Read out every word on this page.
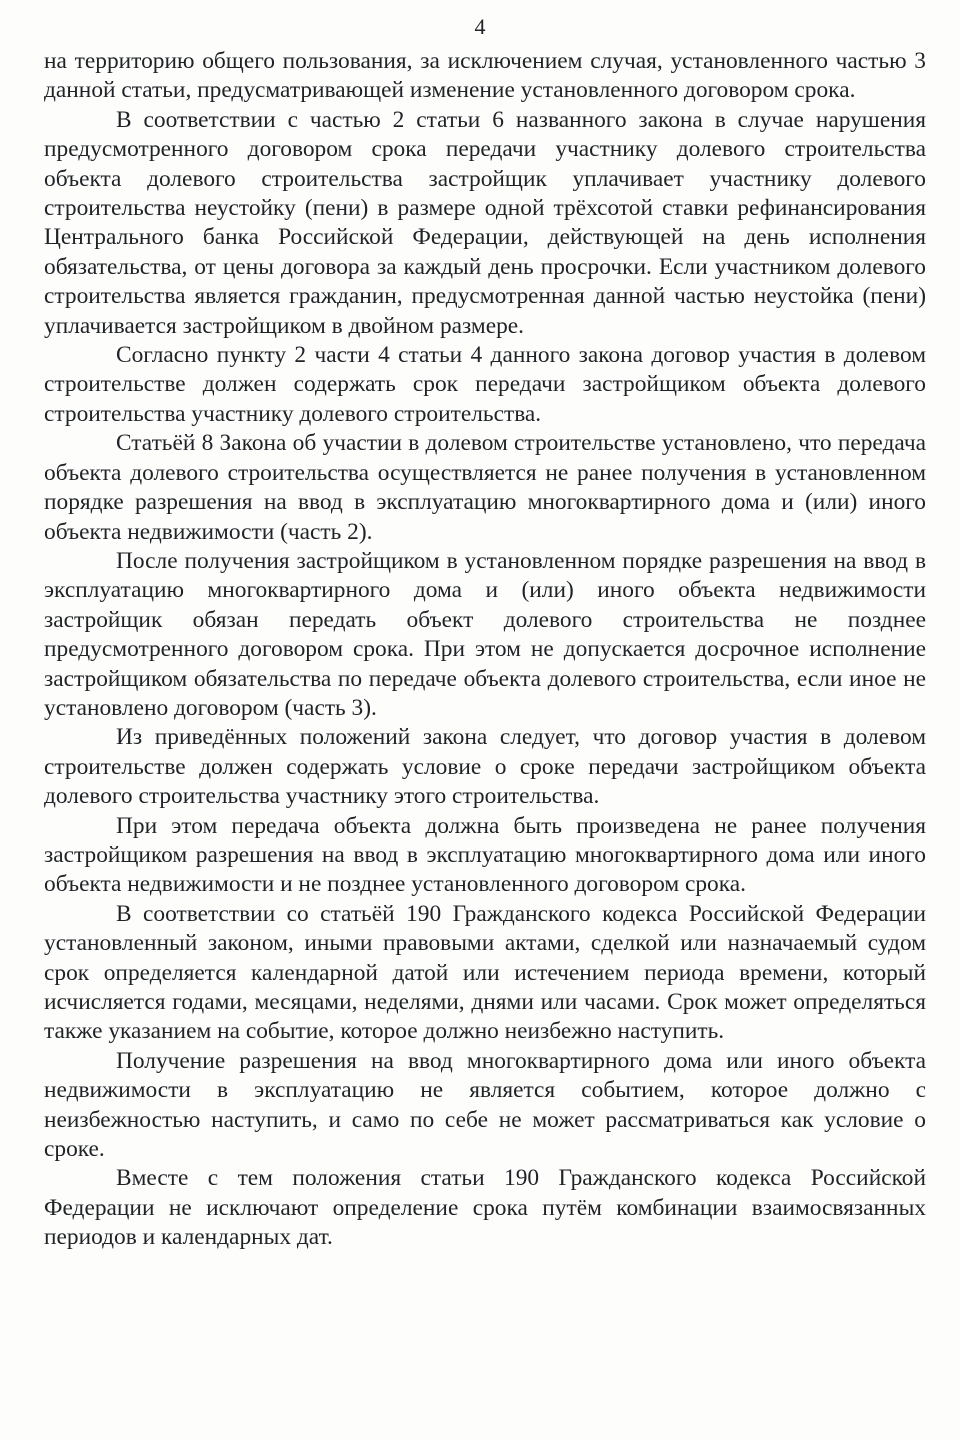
4

на территорию общего пользования, за исключением случая, установленного частью 3 данной статьи, предусматривающей изменение установленного договором срока.

В соответствии с частью 2 статьи 6 названного закона в случае нарушения предусмотренного договором срока передачи участнику долевого строительства объекта долевого строительства застройщик уплачивает участнику долевого строительства неустойку (пени) в размере одной трёхсотой ставки рефинансирования Центрального банка Российской Федерации, действующей на день исполнения обязательства, от цены договора за каждый день просрочки. Если участником долевого строительства является гражданин, предусмотренная данной частью неустойка (пени) уплачивается застройщиком в двойном размере.

Согласно пункту 2 части 4 статьи 4 данного закона договор участия в долевом строительстве должен содержать срок передачи застройщиком объекта долевого строительства участнику долевого строительства.

Статьёй 8 Закона об участии в долевом строительстве установлено, что передача объекта долевого строительства осуществляется не ранее получения в установленном порядке разрешения на ввод в эксплуатацию многоквартирного дома и (или) иного объекта недвижимости (часть 2).

После получения застройщиком в установленном порядке разрешения на ввод в эксплуатацию многоквартирного дома и (или) иного объекта недвижимости застройщик обязан передать объект долевого строительства не позднее предусмотренного договором срока. При этом не допускается досрочное исполнение застройщиком обязательства по передаче объекта долевого строительства, если иное не установлено договором (часть 3).

Из приведённых положений закона следует, что договор участия в долевом строительстве должен содержать условие о сроке передачи застройщиком объекта долевого строительства участнику этого строительства.

При этом передача объекта должна быть произведена не ранее получения застройщиком разрешения на ввод в эксплуатацию многоквартирного дома или иного объекта недвижимости и не позднее установленного договором срока.

В соответствии со статьёй 190 Гражданского кодекса Российской Федерации установленный законом, иными правовыми актами, сделкой или назначаемый судом срок определяется календарной датой или истечением периода времени, который исчисляется годами, месяцами, неделями, днями или часами. Срок может определяться также указанием на событие, которое должно неизбежно наступить.

Получение разрешения на ввод многоквартирного дома или иного объекта недвижимости в эксплуатацию не является событием, которое должно с неизбежностью наступить, и само по себе не может рассматриваться как условие о сроке.

Вместе с тем положения статьи 190 Гражданского кодекса Российской Федерации не исключают определение срока путём комбинации взаимосвязанных периодов и календарных дат.
